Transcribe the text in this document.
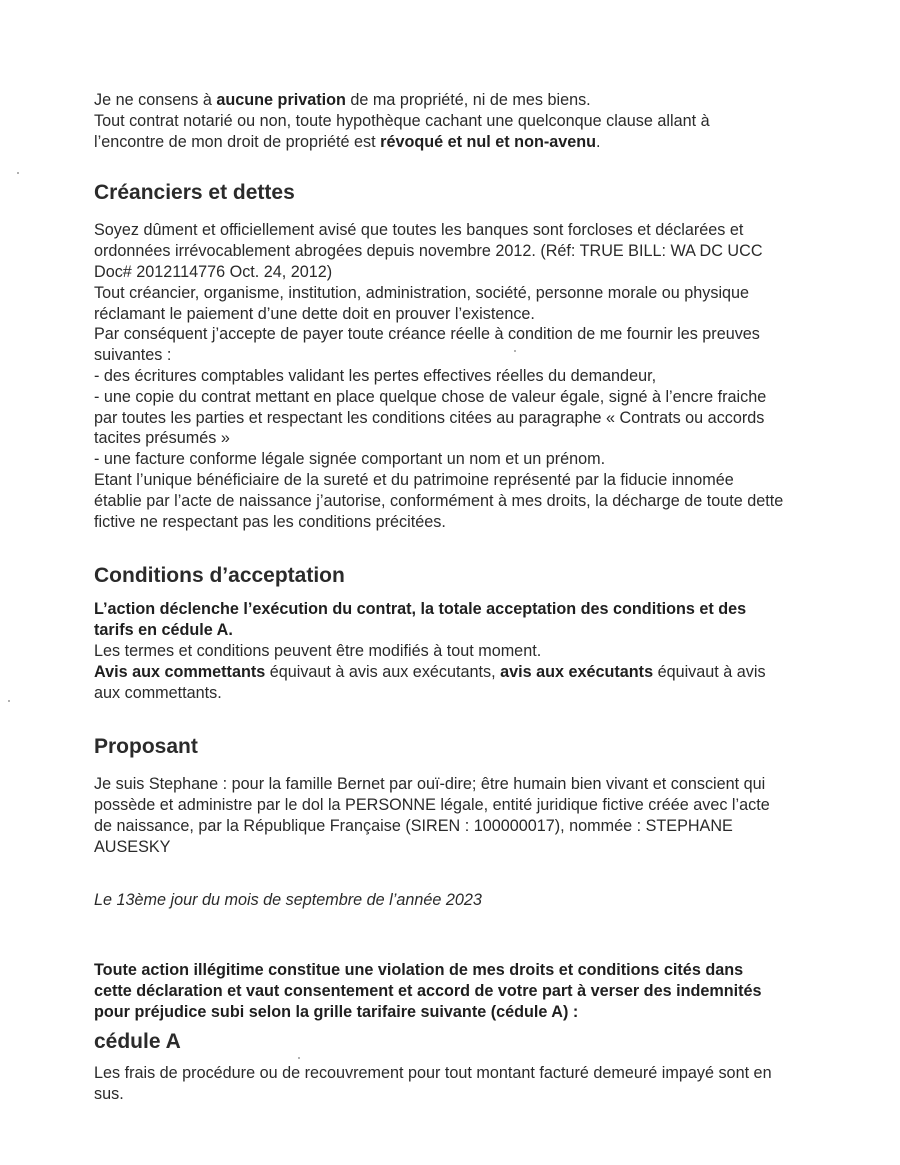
Je ne consens à aucune privation de ma propriété, ni de mes biens.
Tout contrat notarié ou non, toute hypothèque cachant une quelconque clause allant à l’encontre de mon droit de propriété est révoqué et nul et non-avenu.

Créanciers et dettes

Soyez dûment et officiellement avisé que toutes les banques sont forcloses et déclarées et ordonnées irrévocablement abrogées depuis novembre 2012. (Réf: TRUE BILL: WA DC UCC Doc# 2012114776 Oct. 24, 2012)

Tout créancier, organisme, institution, administration, société, personne morale ou physique réclamant le paiement d’une dette doit en prouver l’existence.

Par conséquent j’accepte de payer toute créance réelle à condition de me fournir les preuves suivantes :

- des écritures comptables validant les pertes effectives réelles du demandeur,

- une copie du contrat mettant en place quelque chose de valeur égale, signé à l’encre fraiche par toutes les parties et respectant les conditions citées au paragraphe « Contrats ou accords tacites présumés »

- une facture conforme légale signée comportant un nom et un prénom.

Etant l’unique bénéficiaire de la sureté et du patrimoine représenté par la fiducie innomée établie par l’acte de naissance j’autorise, conformément à mes droits, la décharge de toute dette fictive ne respectant pas les conditions précitées.

Conditions d’acceptation

L’action déclenche l’exécution du contrat, la totale acceptation des conditions et des tarifs en cédule A.

Les termes et conditions peuvent être modifiés à tout moment.

Avis aux commettants équivaut à avis aux exécutants, avis aux exécutants équivaut à avis aux commettants.

Proposant

Je suis Stephane : pour la famille Bernet par ouï-dire; être humain bien vivant et conscient qui possède et administre par le dol la PERSONNE légale, entité juridique fictive créée avec l’acte de naissance, par la République Française (SIREN : 100000017), nommée : STEPHANE AUSESKY

Le 13ème jour du mois de septembre de l’année 2023

Toute action illégitime constitue une violation de mes droits et conditions cités dans cette déclaration et vaut consentement et accord de votre part à verser des indemnités pour préjudice subi selon la grille tarifaire suivante (cédule A) :

cédule A

Les frais de procédure ou de recouvrement pour tout montant facturé demeuré impayé sont en sus.
